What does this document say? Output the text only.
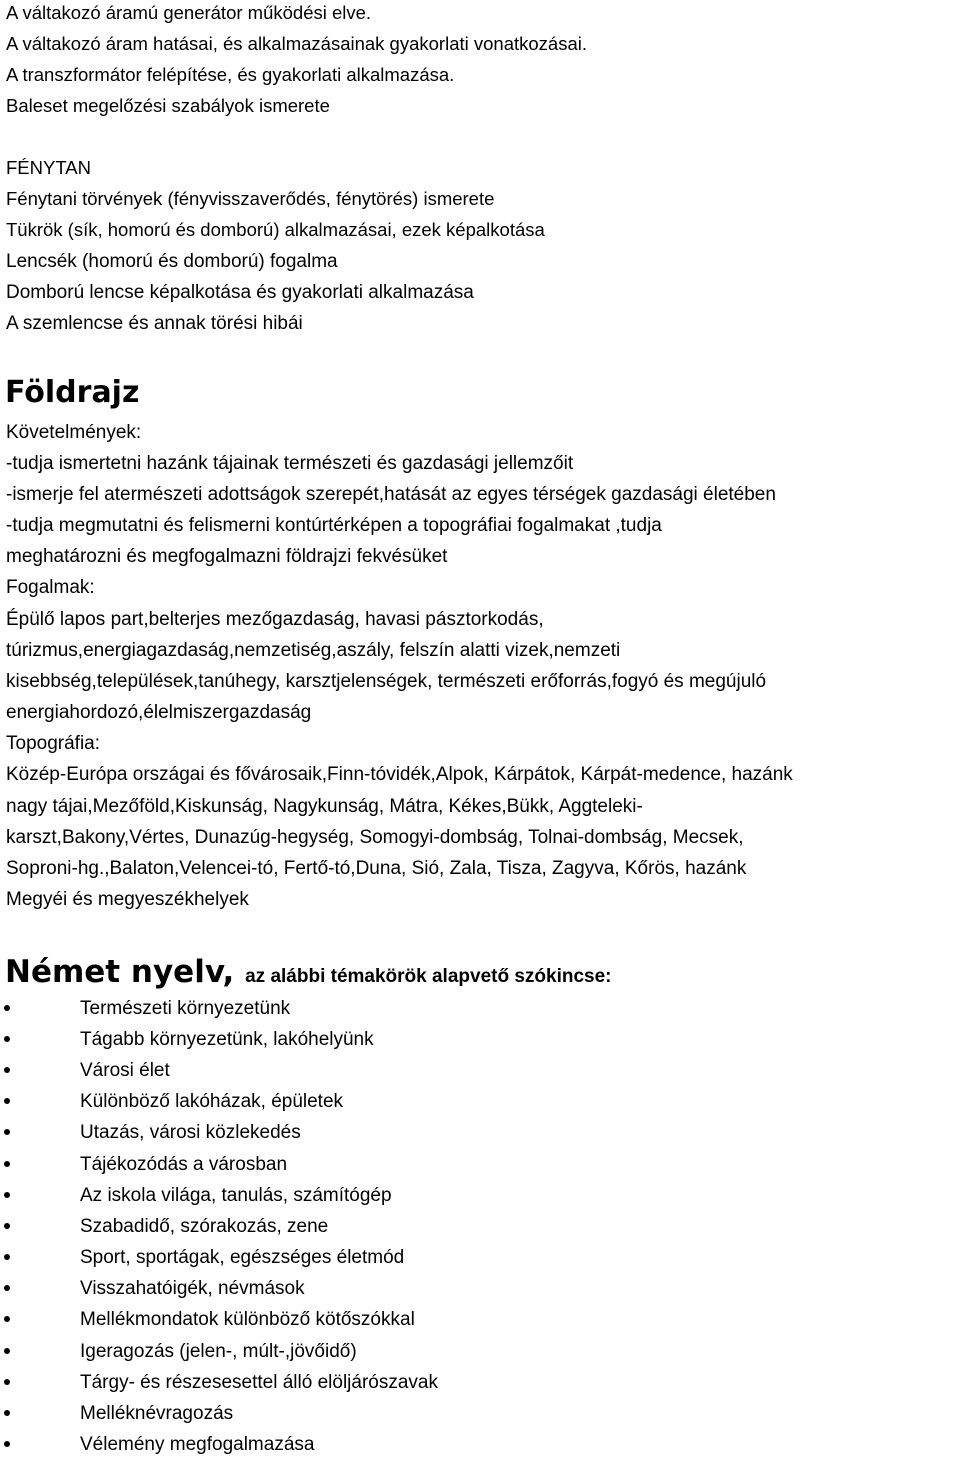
A váltakozó áramú generátor működési elve.
A váltakozó áram hatásai, és alkalmazásainak gyakorlati vonatkozásai.
A transzformátor felépítése, és gyakorlati alkalmazása.
Baleset megelőzési szabályok ismerete
FÉNYTAN
Fénytani törvények (fényvisszaverődés, fénytörés) ismerete
Tükrök (sík, homorú és domború) alkalmazásai, ezek képalkotása
Lencsék (homorú és domború) fogalma
Domború lencse képalkotása és gyakorlati alkalmazása
A szemlencse és annak törési hibái
Földrajz
Követelmények:
-tudja ismertetni hazánk tájainak természeti és gazdasági jellemzőit
-ismerje fel atermészeti adottságok szerepét,hatását az egyes térségek gazdasági életében
-tudja megmutatni és felismerni kontúrtérképen a topográfiai fogalmakat ,tudja
meghatározni és megfogalmazni földrajzi fekvésüket
Fogalmak:
Épülő lapos part,belterjes mezőgazdaság, havasi pásztorkodás,
túrizmus,energiagazdaság,nemzetiség,aszály, felszín alatti vizek,nemzeti
kisebbség,települések,tanúhegy, karsztjelenségek, természeti erőforrás,fogyó és megújuló
energiahordozó,élelmiszergazdaság
Topográfia:
Közép-Európa országai és fővárosaik,Finn-tóvidék,Alpok, Kárpátok, Kárpát-medence, hazánk
nagy tájai,Mezőföld,Kiskunság, Nagykunság, Mátra, Kékes,Bükk, Aggteleki-
karszt,Bakony,Vértes, Dunazúg-hegység, Somogyi-dombság, Tolnai-dombság, Mecsek,
Soproni-hg.,Balaton,Velencei-tó, Fertő-tó,Duna, Sió, Zala, Tisza, Zagyva, Kőrös, hazánk
Megyéi és megyeszékhelyek
Német nyelv, az alábbi témakörök alapvető szókincse:
Természeti környezetünk
Tágabb környezetünk, lakóhelyünk
Városi élet
Különböző lakóházak, épületek
Utazás, városi közlekedés
Tájékozódás a városban
Az iskola világa, tanulás, számítógép
Szabadidő, szórakozás, zene
Sport, sportágak, egészséges életmód
Visszahatóigék, névmások
Mellékmondatok különböző kötőszókkal
Igeragozás (jelen-, múlt-,jövőidő)
Tárgy- és részesesettel álló elöljárószavak
Melléknévragozás
Vélemény megfogalmazása
